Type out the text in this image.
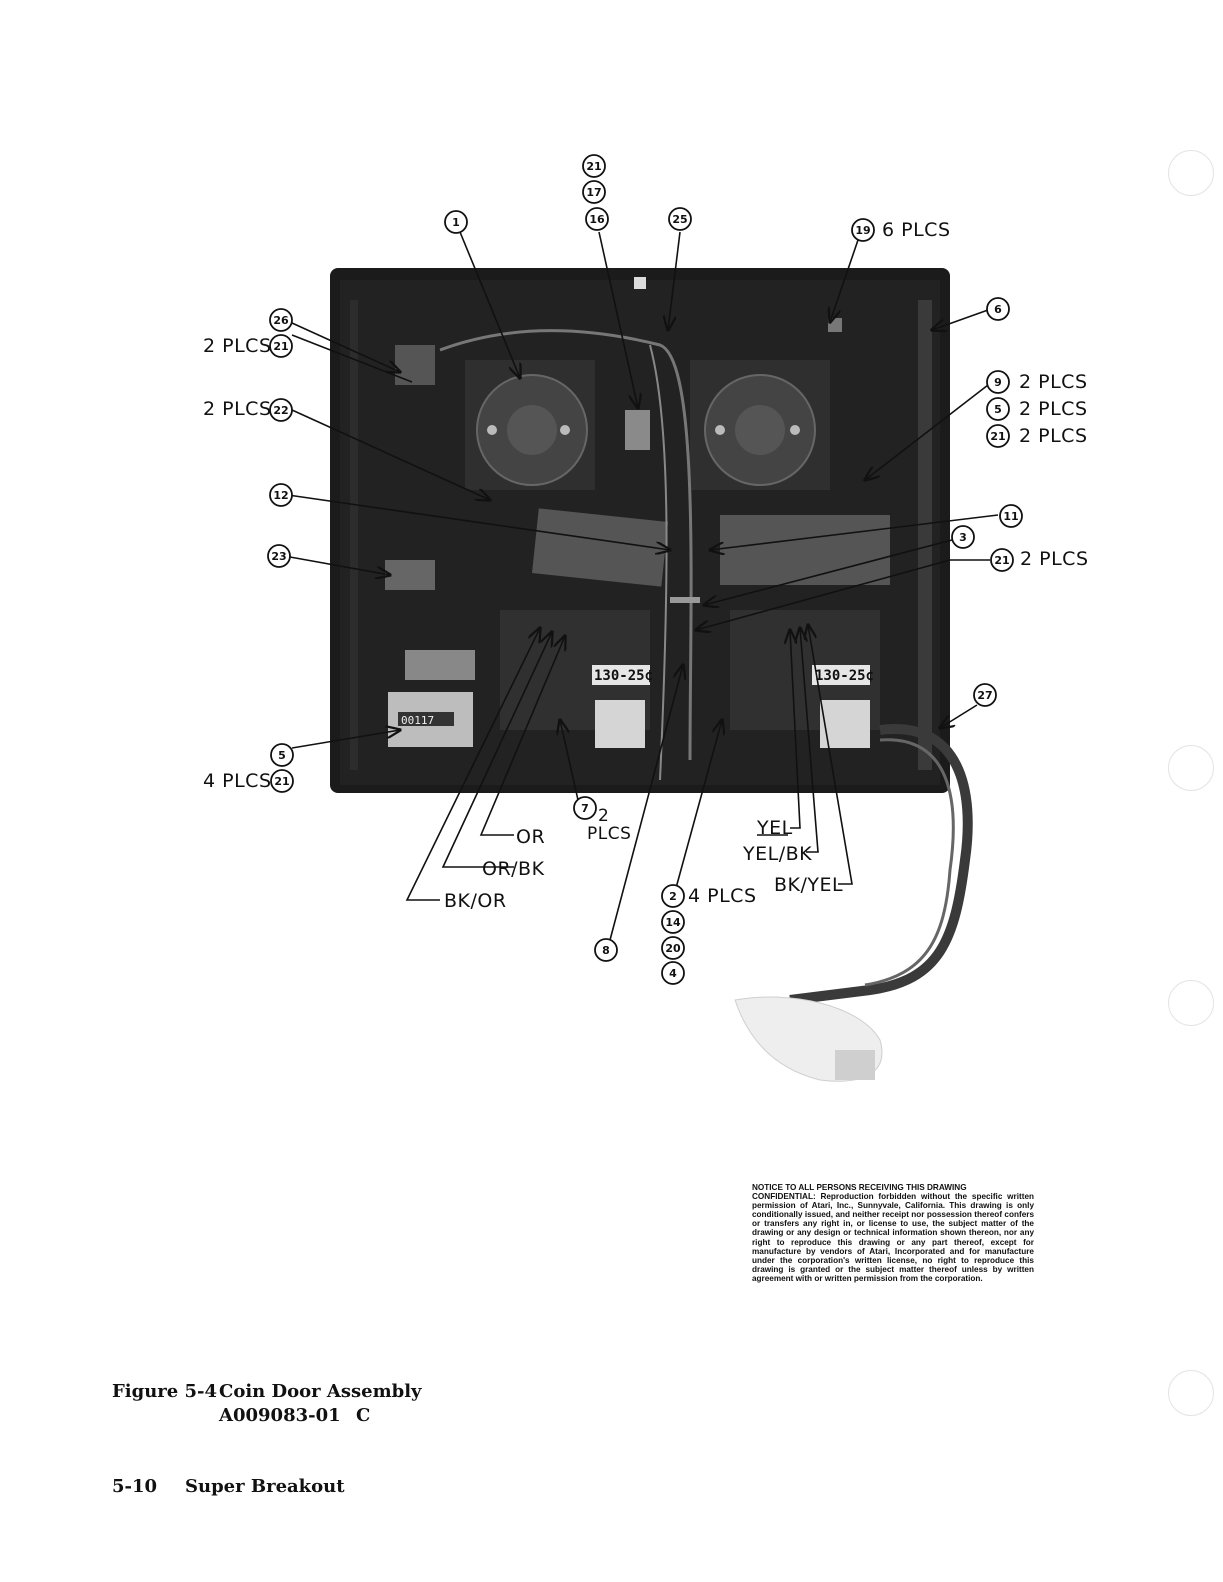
21
17
16	25
1
19
26
21
6
22
9
5
21
12
11
3
23	21
5
21
7
2
14
20
4
8
27
130-25¢	130-25¢
00117
6 PLCS
2 PLCS
2 PLCS
2 PLCS
2 PLCS
2 PLCS
2 PLCS
4 PLCS
2
PLCS
4 PLCS
OR
OR/BK
BK/OR
YEL
YEL/BK
BK/YEL
NOTICE TO ALL PERSONS RECEIVING THIS DRAWING
CONFIDENTIAL: Reproduction forbidden without the specific written permission of Atari, Inc., Sunnyvale, California. This drawing is only conditionally issued, and neither receipt nor possession thereof confers or transfers any right in, or license to use, the subject matter of the drawing or any design or technical information shown thereon, nor any right to reproduce this drawing or any part thereof, except for manufacture by vendors of Atari, Incorporated and for manufacture under the corporation's written license, no right to reproduce this drawing is granted or the subject matter thereof unless by written agreement with or written permission from the corporation.
Figure 5-4 Coin Door Assembly
A009083-01 C
5-10 Super Breakout
